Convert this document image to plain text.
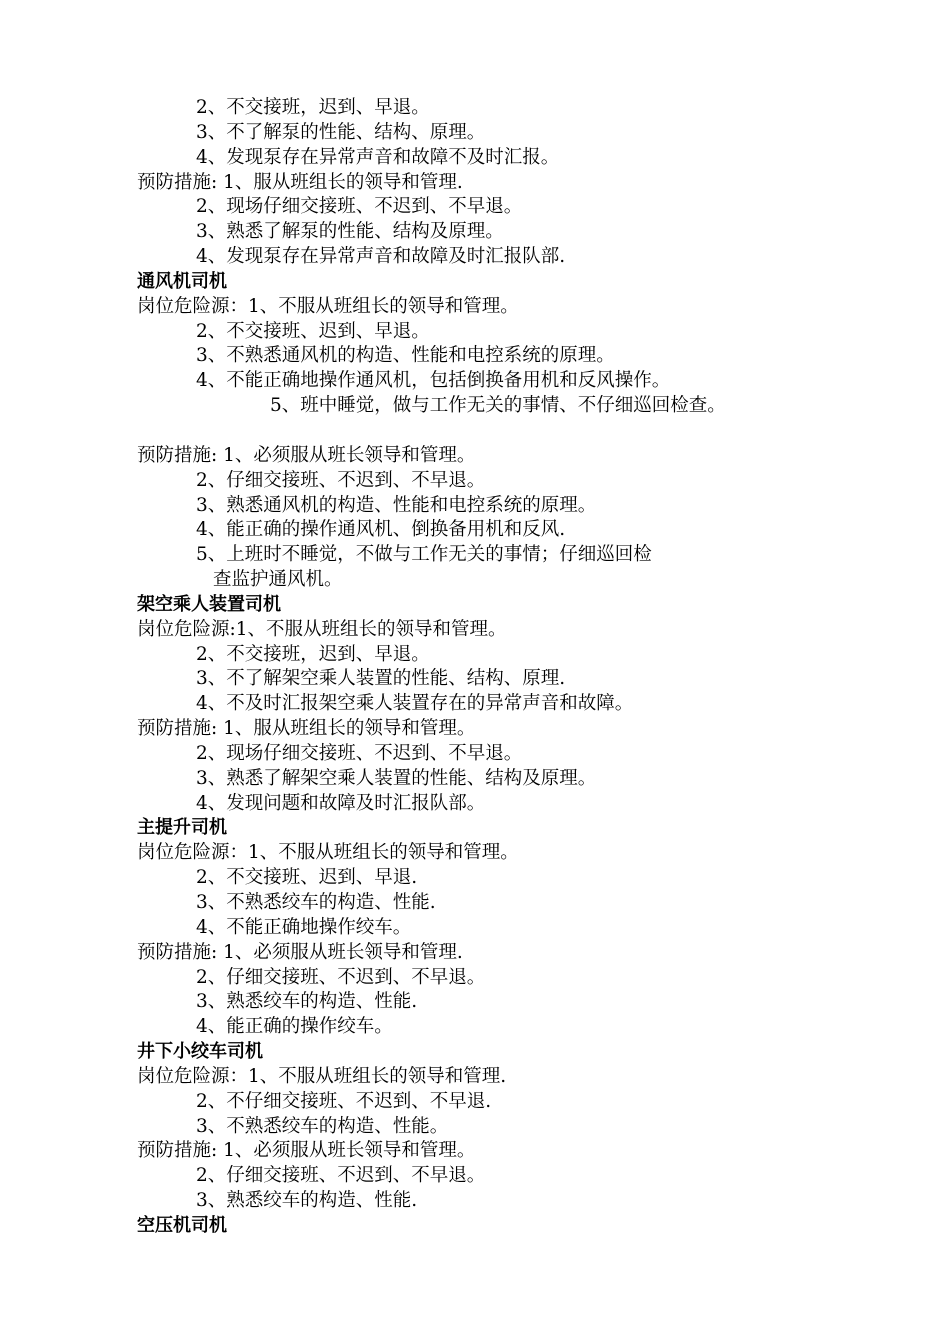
2、不交接班，迟到、早退。
3、不了解泵的性能、结构、原理。
4、发现泵存在异常声音和故障不及时汇报。
预防措施: 1、服从班组长的领导和管理.
2、现场仔细交接班、不迟到、不早退。
3、熟悉了解泵的性能、结构及原理。
4、发现泵存在异常声音和故障及时汇报队部.
通风机司机
岗位危险源：1、不服从班组长的领导和管理。
2、不交接班、迟到、早退。
3、不熟悉通风机的构造、性能和电控系统的原理。
4、不能正确地操作通风机，包括倒换备用机和反风操作。
5、班中睡觉，做与工作无关的事情、不仔细巡回检查。
预防措施: 1、必须服从班长领导和管理。
2、仔细交接班、不迟到、不早退。
3、熟悉通风机的构造、性能和电控系统的原理。
4、能正确的操作通风机、倒换备用机和反风.
5、上班时不睡觉，不做与工作无关的事情；仔细巡回检
查监护通风机。
架空乘人装置司机
岗位危险源:1、不服从班组长的领导和管理。
2、不交接班，迟到、早退。
3、不了解架空乘人装置的性能、结构、原理.
4、不及时汇报架空乘人装置存在的异常声音和故障。
预防措施: 1、服从班组长的领导和管理。
2、现场仔细交接班、不迟到、不早退。
3、熟悉了解架空乘人装置的性能、结构及原理。
4、发现问题和故障及时汇报队部。
主提升司机
岗位危险源：1、不服从班组长的领导和管理。
2、不交接班、迟到、早退.
3、不熟悉绞车的构造、性能.
4、不能正确地操作绞车。
预防措施: 1、必须服从班长领导和管理.
2、仔细交接班、不迟到、不早退。
3、熟悉绞车的构造、性能.
4、能正确的操作绞车。
井下小绞车司机
岗位危险源：1、不服从班组长的领导和管理.
2、不仔细交接班、不迟到、不早退.
3、不熟悉绞车的构造、性能。
预防措施: 1、必须服从班长领导和管理。
2、仔细交接班、不迟到、不早退。
3、熟悉绞车的构造、性能.
空压机司机
